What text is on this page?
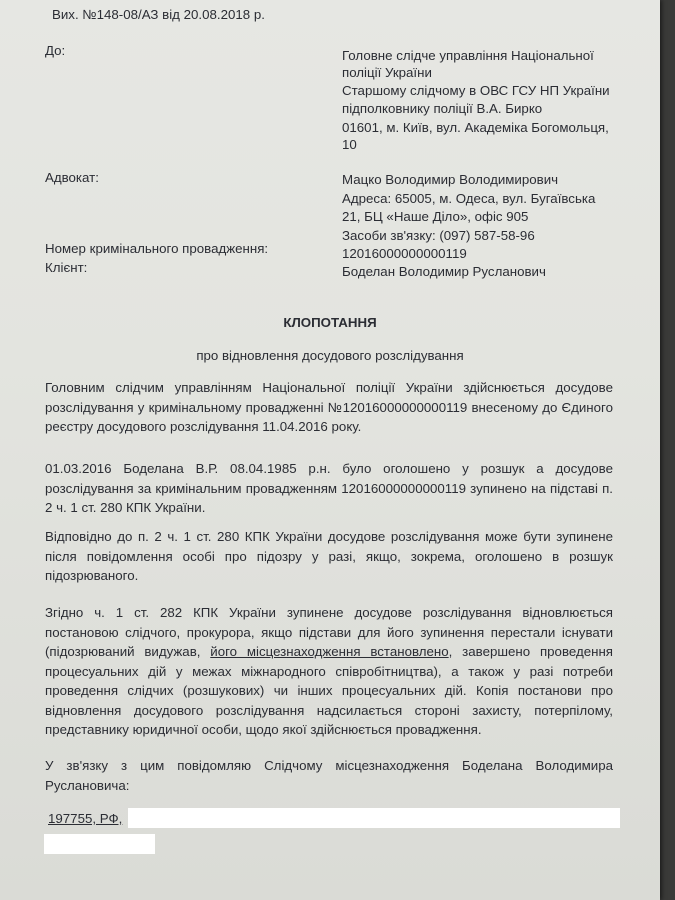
Вих. №148-08/АЗ від 20.08.2018 р.
До:	Головне слідче управління Національної
поліції України
Старшому слідчому в ОВС ГСУ НП України
підполковнику поліції В.А. Бирко
01601, м. Київ, вул. Академіка Богомольця,
10
Адвокат:	Мацко Володимир Володимирович
Адреса: 65005, м. Одеса, вул. Бугаївська
21, БЦ «Наше Діло», офіс 905
Засоби зв'язку: (097) 587-58-96
Номер кримінального провадження:	12016000000000119
Клієнт:	Боделан Володимир Русланович
КЛОПОТАННЯ
про відновлення досудового розслідування

Головним слідчим управлінням Національної поліції України здійснюється досудове розслідування у кримінальному провадженні №12016000000000119 внесеному до Єдиного реєстру досудового розслідування 11.04.2016 року.

01.03.2016 Боделана В.Р. 08.04.1985 р.н. було оголошено у розшук а досудове розслідування за кримінальним провадженням 12016000000000119 зупинено на підставі п. 2 ч. 1 ст. 280 КПК України.

Відповідно до п. 2 ч. 1 ст. 280 КПК України досудове розслідування може бути зупинене після повідомлення особі про підозру у разі, якщо, зокрема, оголошено в розшук підозрюваного.

Згідно ч. 1 ст. 282 КПК України зупинене досудове розслідування відновлюється постановою слідчого, прокурора, якщо підстави для його зупинення перестали існувати (підозрюваний видужав, його місцезнаходження встановлено, завершено проведення процесуальних дій у межах міжнародного співробітництва), а також у разі потреби проведення слідчих (розшукових) чи інших процесуальних дій. Копія постанови про відновлення досудового розслідування надсилається стороні захисту, потерпілому, представнику юридичної особи, щодо якої здійснюється провадження.

У зв'язку з цим повідомляю Слідчому місцезнаходження Боделана Володимира Руслановича:

197755, РФ,
